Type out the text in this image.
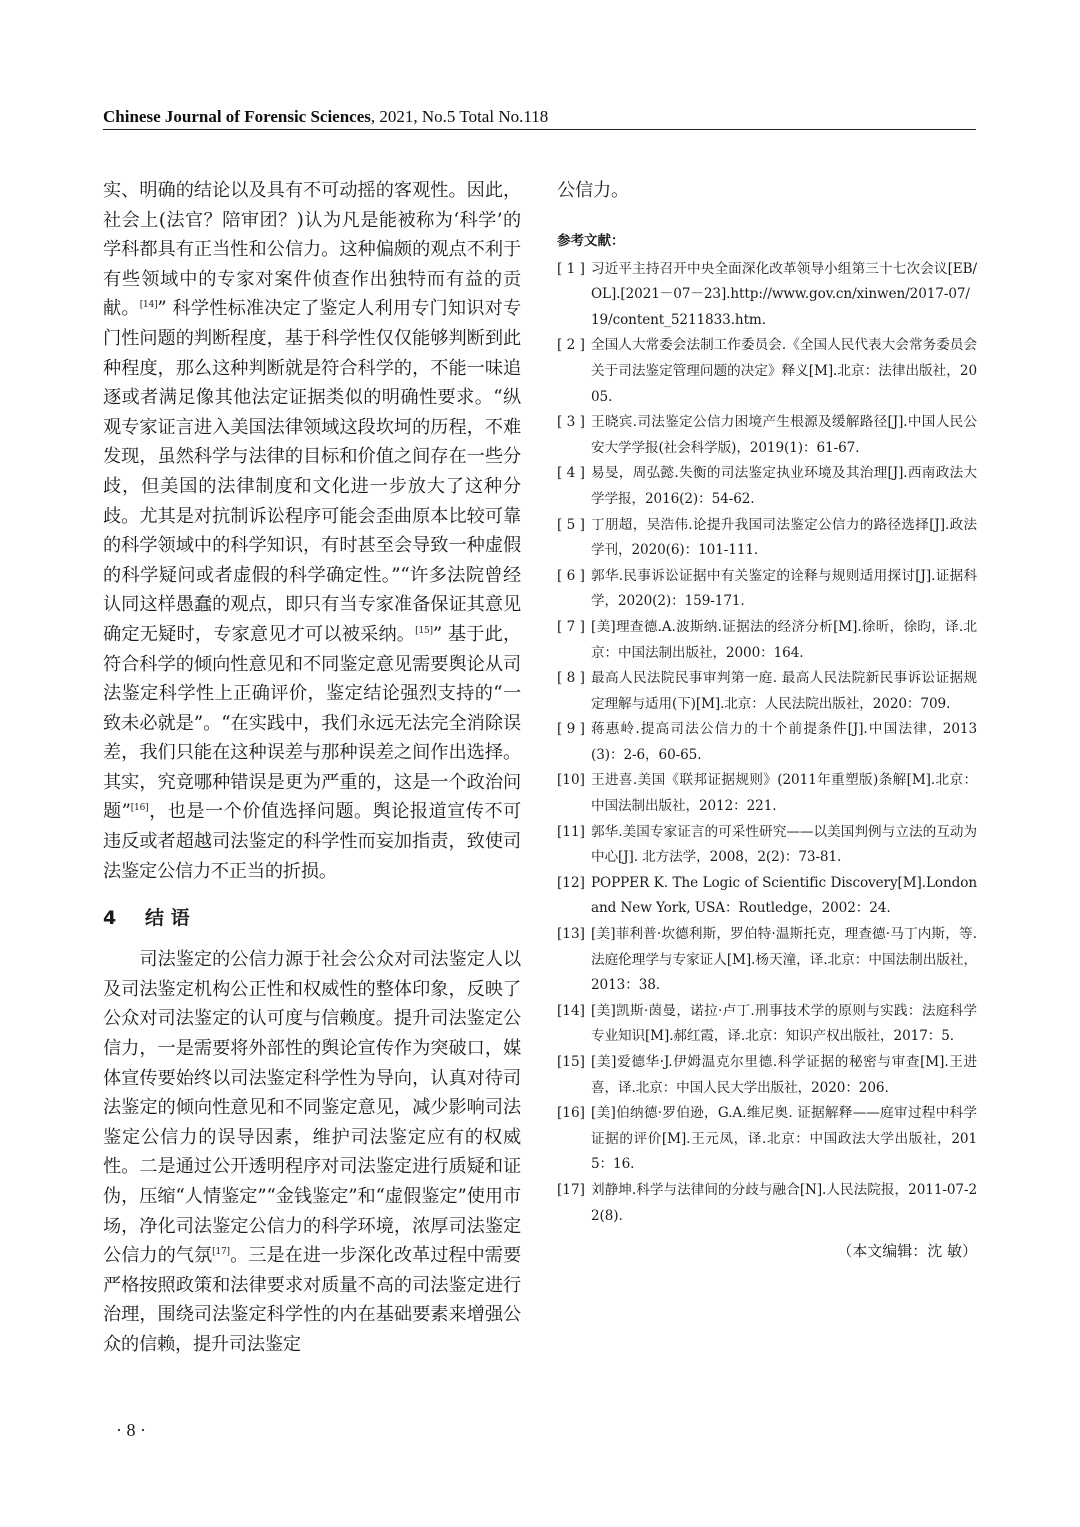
Chinese Journal of Forensic Sciences, 2021, No.5 Total No.118

实、明确的结论以及具有不可动摇的客观性。因此，社会上(法官？陪审团？)认为凡是能被称为‘科学’的学科都具有正当性和公信力。这种偏颇的观点不利于有些领域中的专家对案件侦查作出独特而有益的贡献。[14]” 科学性标准决定了鉴定人利用专门知识对专门性问题的判断程度，基于科学性仅仅能够判断到此种程度，那么这种判断就是符合科学的，不能一味追逐或者满足像其他法定证据类似的明确性要求。“纵观专家证言进入美国法律领域这段坎坷的历程，不难发现，虽然科学与法律的目标和价值之间存在一些分歧，但美国的法律制度和文化进一步放大了这种分歧。尤其是对抗制诉讼程序可能会歪曲原本比较可靠的科学领域中的科学知识，有时甚至会导致一种虚假的科学疑问或者虚假的科学确定性。”“许多法院曾经认同这样愚蠢的观点，即只有当专家准备保证其意见确定无疑时，专家意见才可以被采纳。[15]” 基于此，符合科学的倾向性意见和不同鉴定意见需要舆论从司法鉴定科学性上正确评价，鉴定结论强烈支持的“一致未必就是”。“在实践中，我们永远无法完全消除误差，我们只能在这种误差与那种误差之间作出选择。其实，究竟哪种错误是更为严重的，这是一个政治问题”[16]，也是一个价值选择问题。舆论报道宣传不可违反或者超越司法鉴定的科学性而妄加指责，致使司法鉴定公信力不正当的折损。

4 结 语

司法鉴定的公信力源于社会公众对司法鉴定人以及司法鉴定机构公正性和权威性的整体印象，反映了公众对司法鉴定的认可度与信赖度。提升司法鉴定公信力，一是需要将外部性的舆论宣传作为突破口，媒体宣传要始终以司法鉴定科学性为导向，认真对待司法鉴定的倾向性意见和不同鉴定意见，减少影响司法鉴定公信力的误导因素，维护司法鉴定应有的权威性。二是通过公开透明程序对司法鉴定进行质疑和证伪，压缩“人情鉴定”“金钱鉴定”和“虚假鉴定”使用市场，净化司法鉴定公信力的科学环境，浓厚司法鉴定公信力的气氛[17]。三是在进一步深化改革过程中需要严格按照政策和法律要求对质量不高的司法鉴定进行治理，围绕司法鉴定科学性的内在基础要素来增强公众的信赖，提升司法鉴定

公信力。

参考文献：
[ 1 ] 习近平主持召开中央全面深化改革领导小组第三十七次会议[EB/OL].[2021－07－23].http://www.gov.cn/xinwen/2017-07/19/content_5211833.htm.
[ 2 ] 全国人大常委会法制工作委员会.《全国人民代表大会常务委员会关于司法鉴定管理问题的决定》释义[M].北京：法律出版社，2005.
[ 3 ] 王晓宾.司法鉴定公信力困境产生根源及缓解路径[J].中国人民公安大学学报(社会科学版)，2019(1)：61-67.
[ 4 ] 易旻，周弘懿.失衡的司法鉴定执业环境及其治理[J].西南政法大学学报，2016(2)：54-62.
[ 5 ] 丁朋超，吴浩伟.论提升我国司法鉴定公信力的路径选择[J].政法学刊，2020(6)：101-111.
[ 6 ] 郭华.民事诉讼证据中有关鉴定的诠释与规则适用探讨[J].证据科学，2020(2)：159-171.
[ 7 ] [美]理查德.A.波斯纳.证据法的经济分析[M].徐昕，徐昀，译.北京：中国法制出版社，2000：164.
[ 8 ] 最高人民法院民事审判第一庭. 最高人民法院新民事诉讼证据规定理解与适用(下)[M].北京：人民法院出版社，2020：709.
[ 9 ] 蒋惠岭.提高司法公信力的十个前提条件[J].中国法律，2013(3)：2-6，60-65.
[10] 王进喜.美国《联邦证据规则》(2011年重塑版)条解[M].北京：中国法制出版社，2012：221.
[11] 郭华.美国专家证言的可采性研究——以美国判例与立法的互动为中心[J]. 北方法学，2008，2(2)：73-81.
[12] POPPER K. The Logic of Scientific Discovery[M].London and New York, USA：Routledge，2002：24.
[13] [美]菲利普·坎德利斯，罗伯特·温斯托克，理查德·马丁内斯，等.法庭伦理学与专家证人[M].杨天潼，译.北京：中国法制出版社，2013：38.
[14] [美]凯斯·茵曼，诺拉·卢丁.刑事技术学的原则与实践：法庭科学专业知识[M].郝红霞，译.北京：知识产权出版社，2017：5.
[15] [美]爱德华·J.伊姆温克尔里德.科学证据的秘密与审查[M].王进喜，译.北京：中国人民大学出版社，2020：206.
[16] [美]伯纳德·罗伯逊，G.A.维尼奥. 证据解释——庭审过程中科学证据的评价[M].王元凤，译.北京：中国政法大学出版社，2015：16.
[17] 刘静坤.科学与法律间的分歧与融合[N].人民法院报，2011-07-22(8).
（本文编辑：沈 敏）
· 8 ·
